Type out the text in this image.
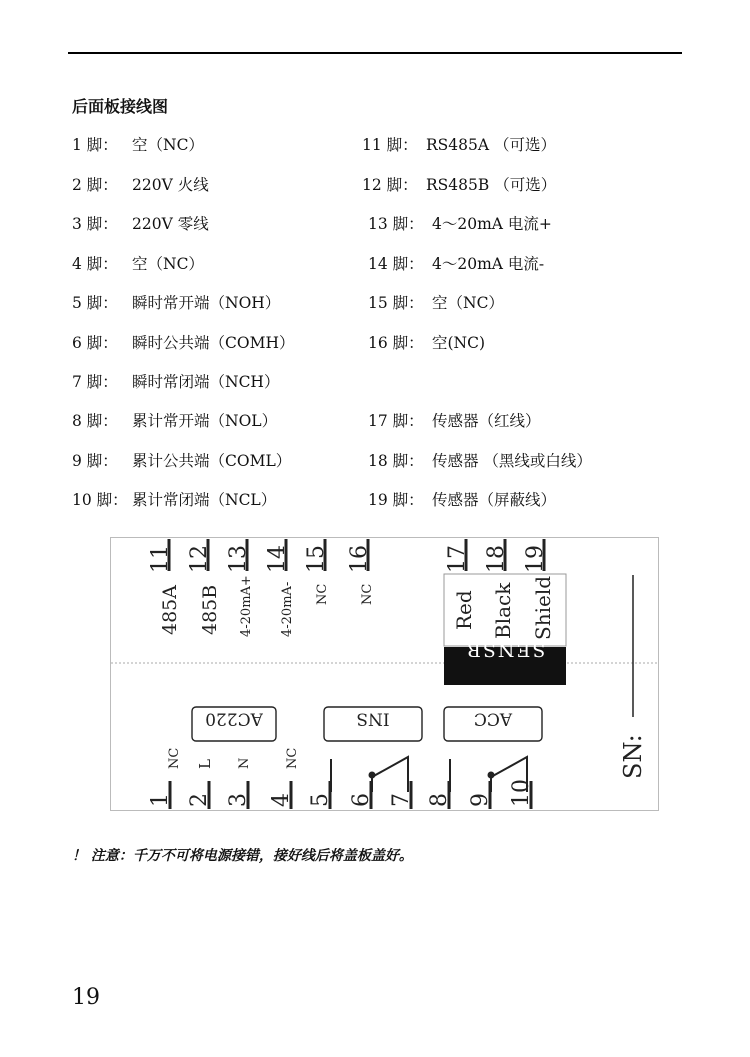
后面板接线图
1 脚： 空（NC）
2 脚： 220V 火线
3 脚： 220V 零线
4 脚： 空（NC）
5 脚： 瞬时常开端（NOH）
6 脚： 瞬时公共端（COMH）
7 脚： 瞬时常闭端（NCH）
8 脚： 累计常开端（NOL）
9 脚： 累计公共端（COML）
10 脚： 累计常闭端（NCL）
11 脚： RS485A （可选）
12 脚： RS485B （可选）
13 脚： 4～20mA 电流+
14 脚： 4～20mA 电流-
15 脚： 空（NC）
16 脚： 空(NC)
17 脚： 传感器（红线）
18 脚： 传感器 （黑线或白线）
19 脚： 传感器（屏蔽线）
11 12 13 14 15 16	17 18 19
485A 485B 4-20mA+ 4-20mA- NC NC	Red Black Shield
SENSR
SN:
AC220	INS	ACC
NC L N	NC
1 2 3 4 5 6 7 8 9 10
！ 注意：千万不可将电源接错，接好线后将盖板盖好。
19
